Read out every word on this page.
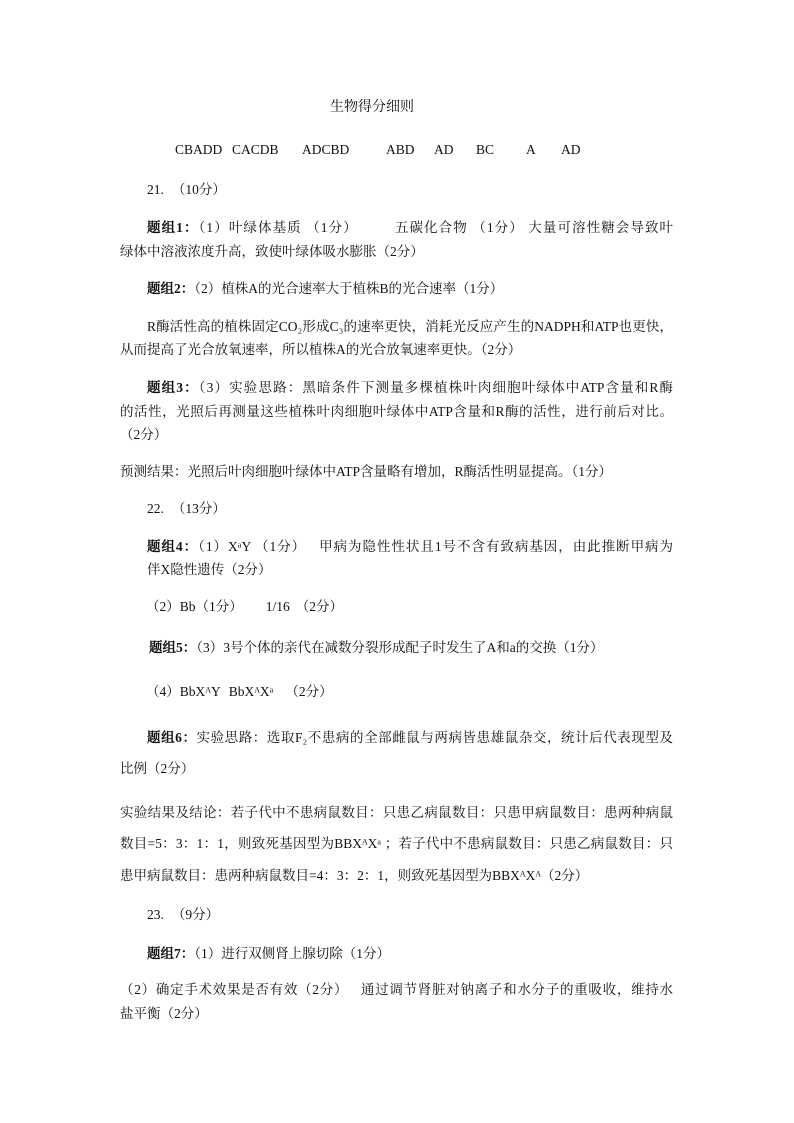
生物得分细则
CBADD CACDB ADCBD	ABD AD BC A AD
21. （10分）
题组1：（1）叶绿体基质 （1分）	五碳化合物 （1分） 大量可溶性糖会导致叶
绿体中溶液浓度升高，致使叶绿体吸水膨胀（2分）
题组2：（2）植株A的光合速率大于植株B的光合速率（1分）
R酶活性高的植株固定CO₂形成C₃的速率更快，消耗光反应产生的NADPH和ATP也更快，
从而提高了光合放氧速率，所以植株A的光合放氧速率更快。（2分）
题组3：（3）实验思路：黑暗条件下测量多棵植株叶肉细胞叶绿体中ATP含量和R酶
的活性，光照后再测量这些植株叶肉细胞叶绿体中ATP含量和R酶的活性，进行前后对比。
（2分）
预测结果：光照后叶肉细胞叶绿体中ATP含量略有增加，R酶活性明显提高。（1分）
22. （13分）
题组4：（1）XᵃY （1分） 甲病为隐性性状且1号不含有致病基因，由此推断甲病为
伴X隐性遗传（2分）
（2）Bb（1分） 1/16 （2分）
题组5：（3）3号个体的亲代在减数分裂形成配子时发生了A和a的交换（1分）
（4）BbXᴬY BbXᴬXᵃ （2分）
题组6：实验思路：选取F₂不患病的全部雌鼠与两病皆患雄鼠杂交，统计后代表现型及
比例（2分）
实验结果及结论：若子代中不患病鼠数目：只患乙病鼠数目：只患甲病鼠数目：患两种病鼠
数目=5：3：1：1，则致死基因型为BBXᴬXᵃ ；若子代中不患病鼠数目：只患乙病鼠数目：只
患甲病鼠数目：患两种病鼠数目=4：3：2：1，则致死基因型为BBXᴬXᴬ（2分）
23. （9分）
题组7：（1）进行双侧肾上腺切除（1分）
（2）确定手术效果是否有效（2分） 通过调节肾脏对钠离子和水分子的重吸收，维持水
盐平衡（2分）
